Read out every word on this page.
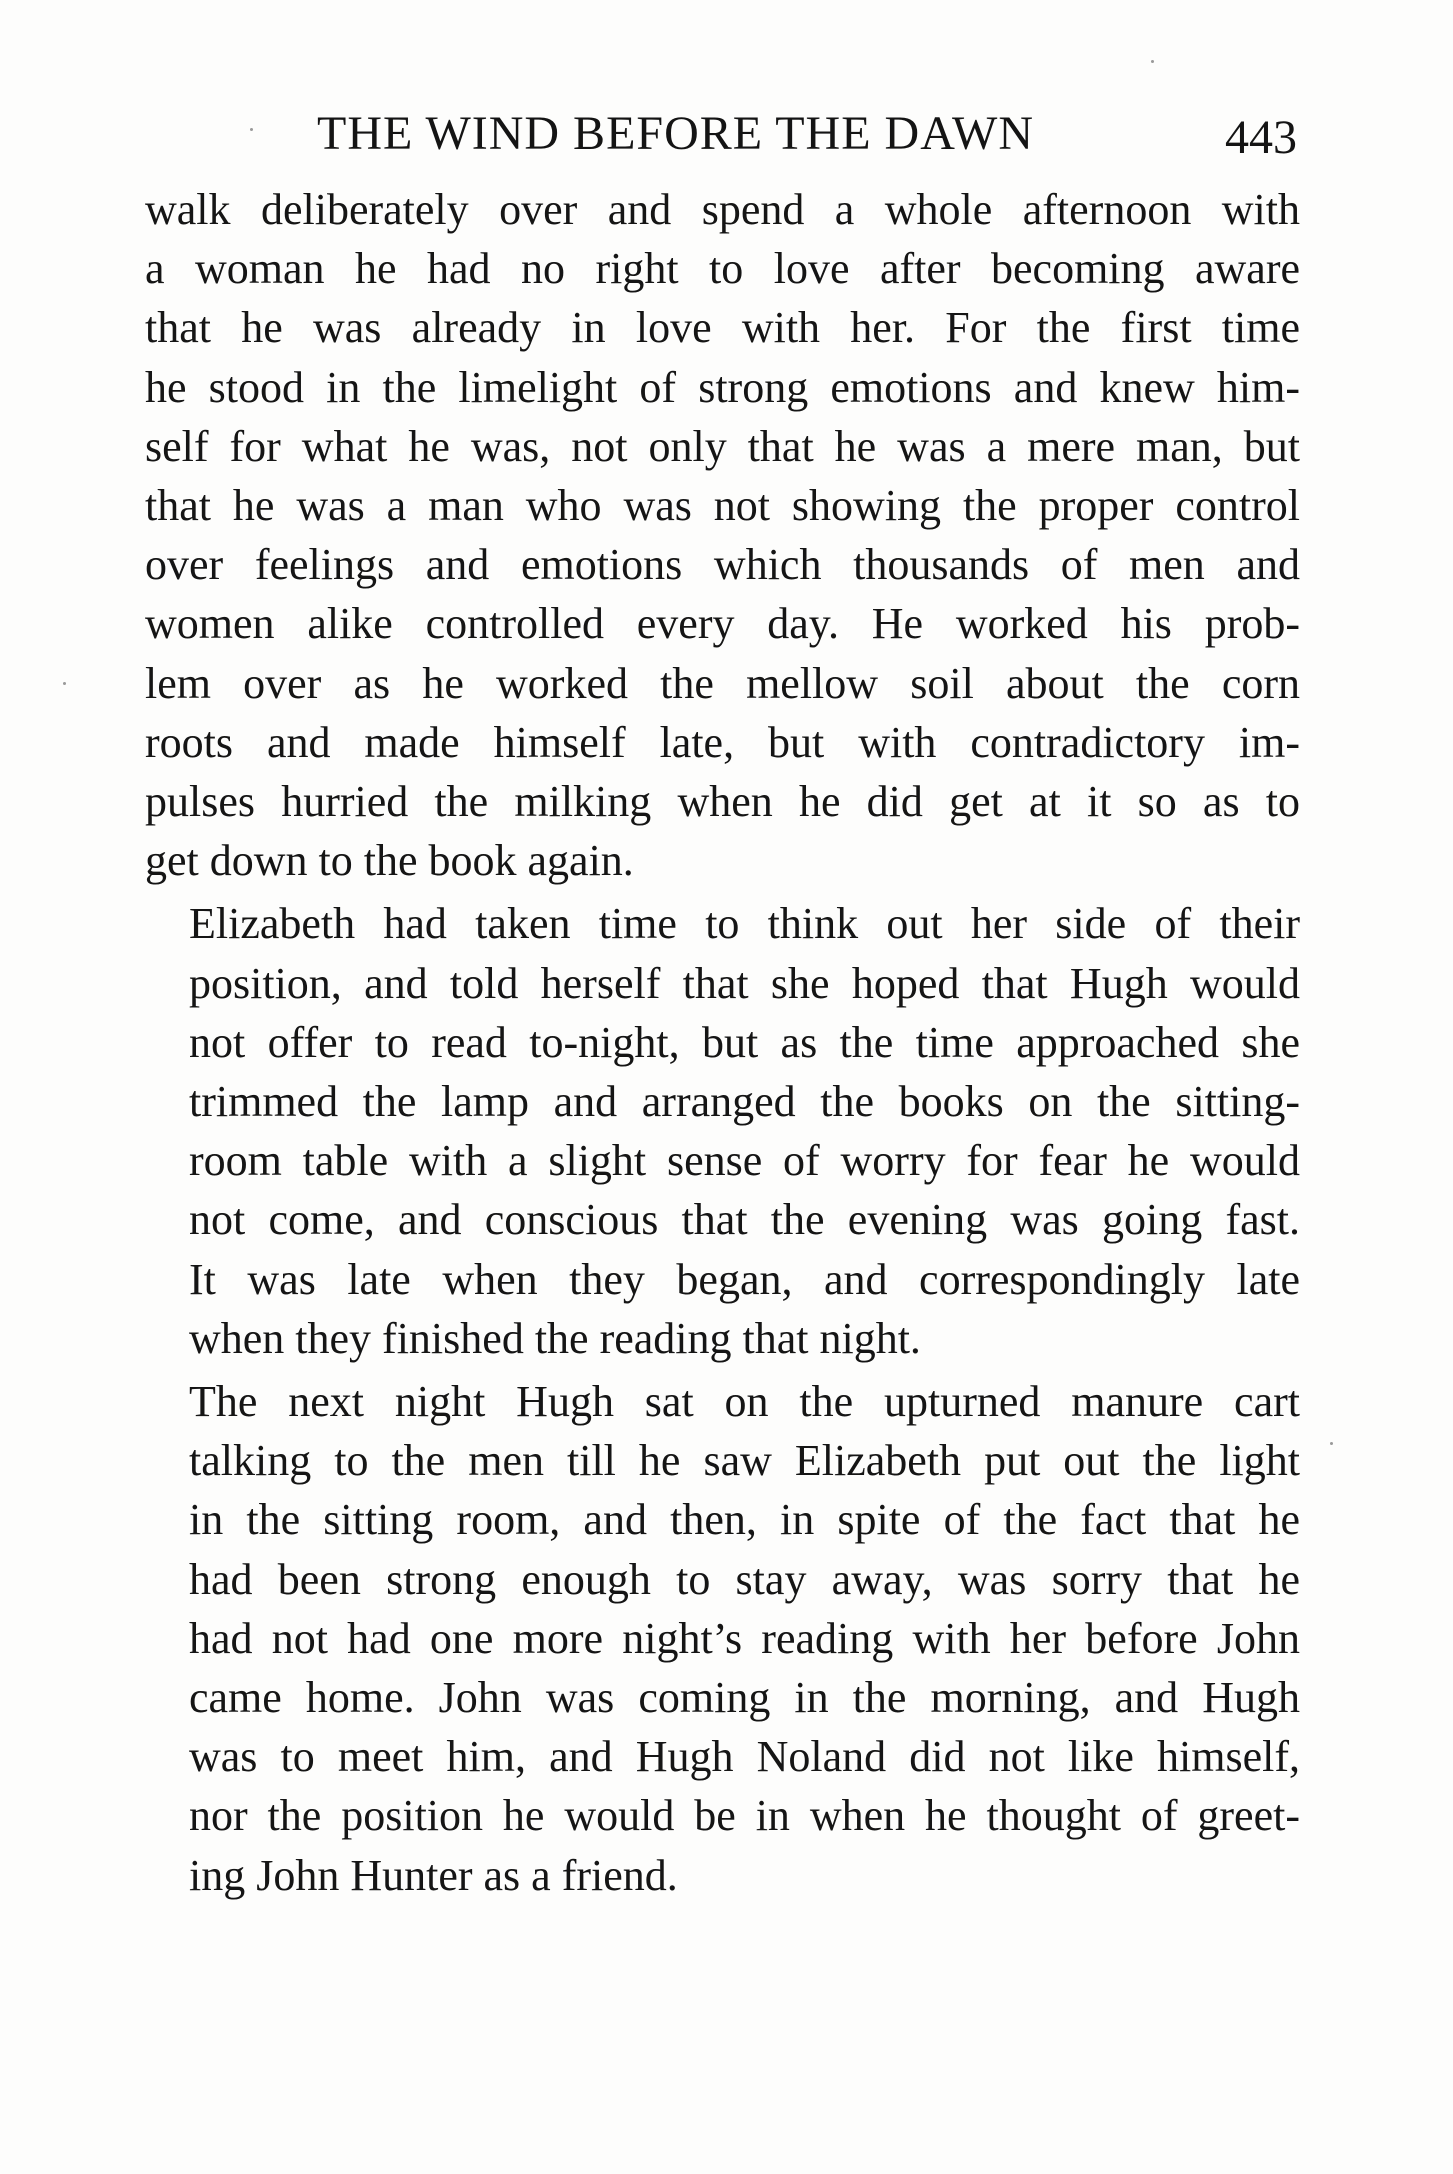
THE WIND BEFORE THE DAWN	443

walk deliberately over and spend a whole afternoon with
a woman he had no right to love after becoming aware
that he was already in love with her. For the first time
he stood in the limelight of strong emotions and knew him-
self for what he was, not only that he was a mere man, but
that he was a man who was not showing the proper control
over feelings and emotions which thousands of men and
women alike controlled every day. He worked his prob-
lem over as he worked the mellow soil about the corn
roots and made himself late, but with contradictory im-
pulses hurried the milking when he did get at it so as to
get down to the book again.

Elizabeth had taken time to think out her side of their
position, and told herself that she hoped that Hugh would
not offer to read to-night, but as the time approached she
trimmed the lamp and arranged the books on the sitting-
room table with a slight sense of worry for fear he would
not come, and conscious that the evening was going fast.
It was late when they began, and correspondingly late
when they finished the reading that night.

The next night Hugh sat on the upturned manure cart
talking to the men till he saw Elizabeth put out the light
in the sitting room, and then, in spite of the fact that he
had been strong enough to stay away, was sorry that he
had not had one more night’s reading with her before John
came home. John was coming in the morning, and Hugh
was to meet him, and Hugh Noland did not like himself,
nor the position he would be in when he thought of greet-
ing John Hunter as a friend.
